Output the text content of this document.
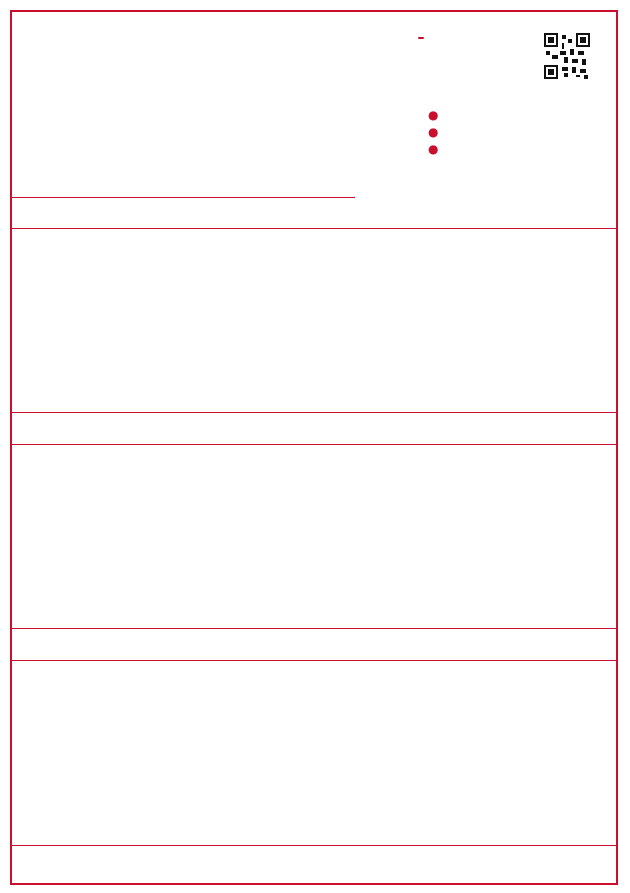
●
●
●
